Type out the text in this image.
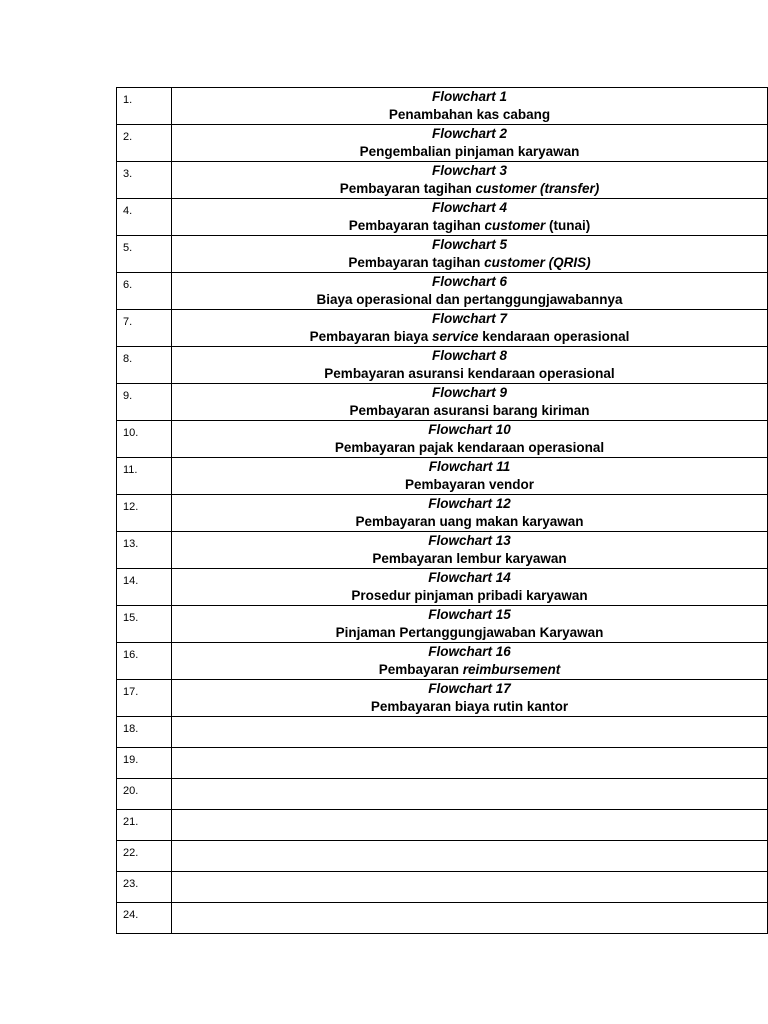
1.	Flowchart 1
Penambahan kas cabang

2.	Flowchart 2
Pengembalian pinjaman karyawan

3.	Flowchart 3
Pembayaran tagihan customer (transfer)

4.	Flowchart 4
Pembayaran tagihan customer (tunai)

5.	Flowchart 5
Pembayaran tagihan customer (QRIS)

6.	Flowchart 6
Biaya operasional dan pertanggungjawabannya

7.	Flowchart 7
Pembayaran biaya service kendaraan operasional

8.	Flowchart 8
Pembayaran asuransi kendaraan operasional

9.	Flowchart 9
Pembayaran asuransi barang kiriman

10.	Flowchart 10
Pembayaran pajak kendaraan operasional

11.	Flowchart 11
Pembayaran vendor

12.	Flowchart 12
Pembayaran uang makan karyawan

13.	Flowchart 13
Pembayaran lembur karyawan

14.	Flowchart 14
Prosedur pinjaman pribadi karyawan

15.	Flowchart 15
Pinjaman Pertanggungjawaban Karyawan

16.	Flowchart 16
Pembayaran reimbursement

17.	Flowchart 17
Pembayaran biaya rutin kantor

18.	
19.	
20.	
21.	
22.	
23.	
24.	
